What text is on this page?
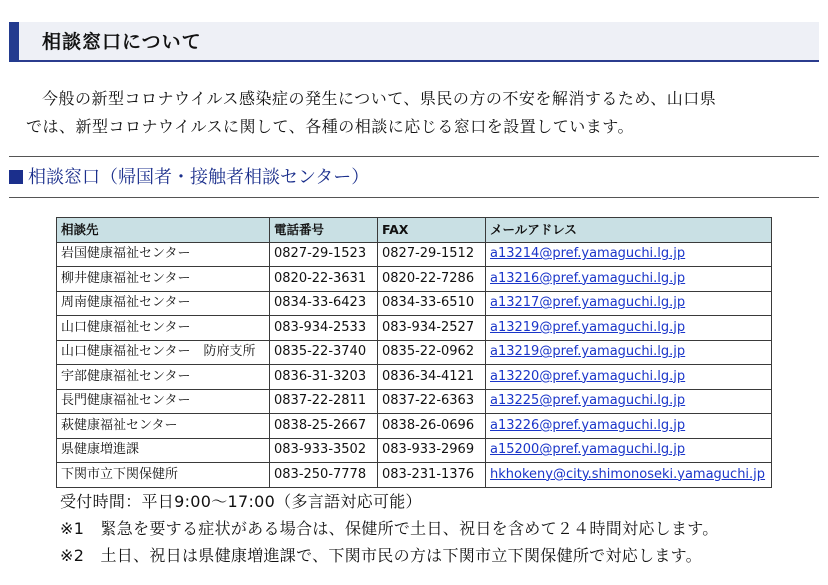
相談窓口について
今般の新型コロナウイルス感染症の発生について、県民の方の不安を解消するため、山口県
では、新型コロナウイルスに関して、各種の相談に応じる窓口を設置しています。
相談窓口（帰国者・接触者相談センター）
相談先	電話番号	FAX	メールアドレス
岩国健康福祉センター	0827-29-1523	0827-29-1512	a13214@pref.yamaguchi.lg.jp
柳井健康福祉センター	0820-22-3631	0820-22-7286	a13216@pref.yamaguchi.lg.jp
周南健康福祉センター	0834-33-6423	0834-33-6510	a13217@pref.yamaguchi.lg.jp
山口健康福祉センター	083-934-2533	083-934-2527	a13219@pref.yamaguchi.lg.jp
山口健康福祉センター　防府支所	0835-22-3740	0835-22-0962	a13219@pref.yamaguchi.lg.jp
宇部健康福祉センター	0836-31-3203	0836-34-4121	a13220@pref.yamaguchi.lg.jp
長門健康福祉センター	0837-22-2811	0837-22-6363	a13225@pref.yamaguchi.lg.jp
萩健康福祉センター	0838-25-2667	0838-26-0696	a13226@pref.yamaguchi.lg.jp
県健康増進課	083-933-3502	083-933-2969	a15200@pref.yamaguchi.lg.jp
下関市立下関保健所	083-250-7778	083-231-1376	hkhokeny@city.shimonoseki.yamaguchi.jp
受付時間：平日9:00～17:00（多言語対応可能）
※1　緊急を要する症状がある場合は、保健所で土日、祝日を含めて２４時間対応します。
※2　土日、祝日は県健康増進課で、下関市民の方は下関市立下関保健所で対応します。
